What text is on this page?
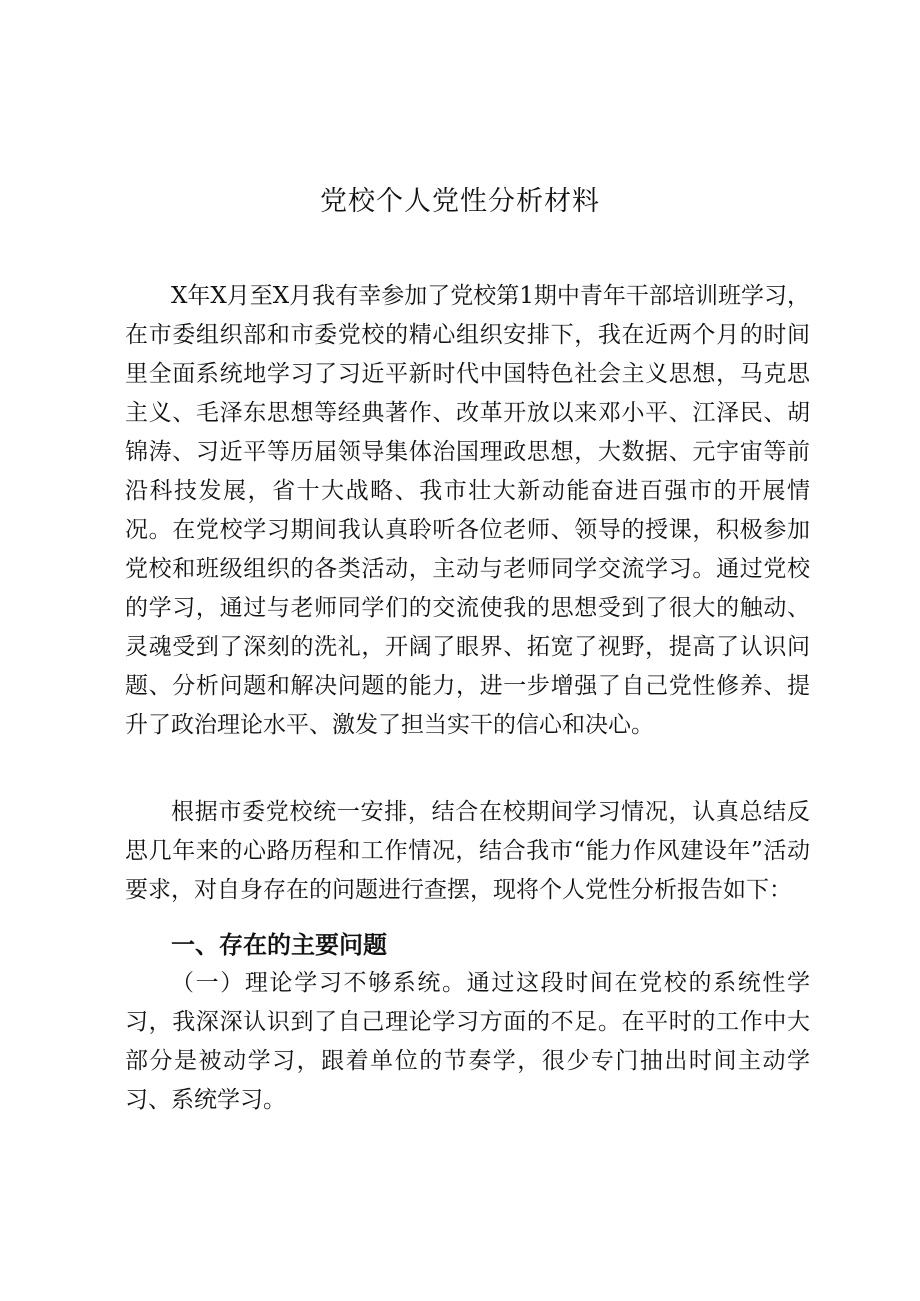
党校个人党性分析材料

X年X月至X月我有幸参加了党校第1期中青年干部培训班学习，在市委组织部和市委党校的精心组织安排下，我在近两个月的时间里全面系统地学习了习近平新时代中国特色社会主义思想，马克思主义、毛泽东思想等经典著作、改革开放以来邓小平、江泽民、胡锦涛、习近平等历届领导集体治国理政思想，大数据、元宇宙等前沿科技发展，省十大战略、我市壮大新动能奋进百强市的开展情况。在党校学习期间我认真聆听各位老师、领导的授课，积极参加党校和班级组织的各类活动，主动与老师同学交流学习。通过党校的学习，通过与老师同学们的交流使我的思想受到了很大的触动、灵魂受到了深刻的洗礼，开阔了眼界、拓宽了视野，提高了认识问题、分析问题和解决问题的能力，进一步增强了自己党性修养、提升了政治理论水平、激发了担当实干的信心和决心。

根据市委党校统一安排，结合在校期间学习情况，认真总结反思几年来的心路历程和工作情况，结合我市“能力作风建设年”活动要求，对自身存在的问题进行查摆，现将个人党性分析报告如下：

一、存在的主要问题

（一）理论学习不够系统。通过这段时间在党校的系统性学习，我深深认识到了自己理论学习方面的不足。在平时的工作中大部分是被动学习，跟着单位的节奏学，很少专门抽出时间主动学习、系统学习。
